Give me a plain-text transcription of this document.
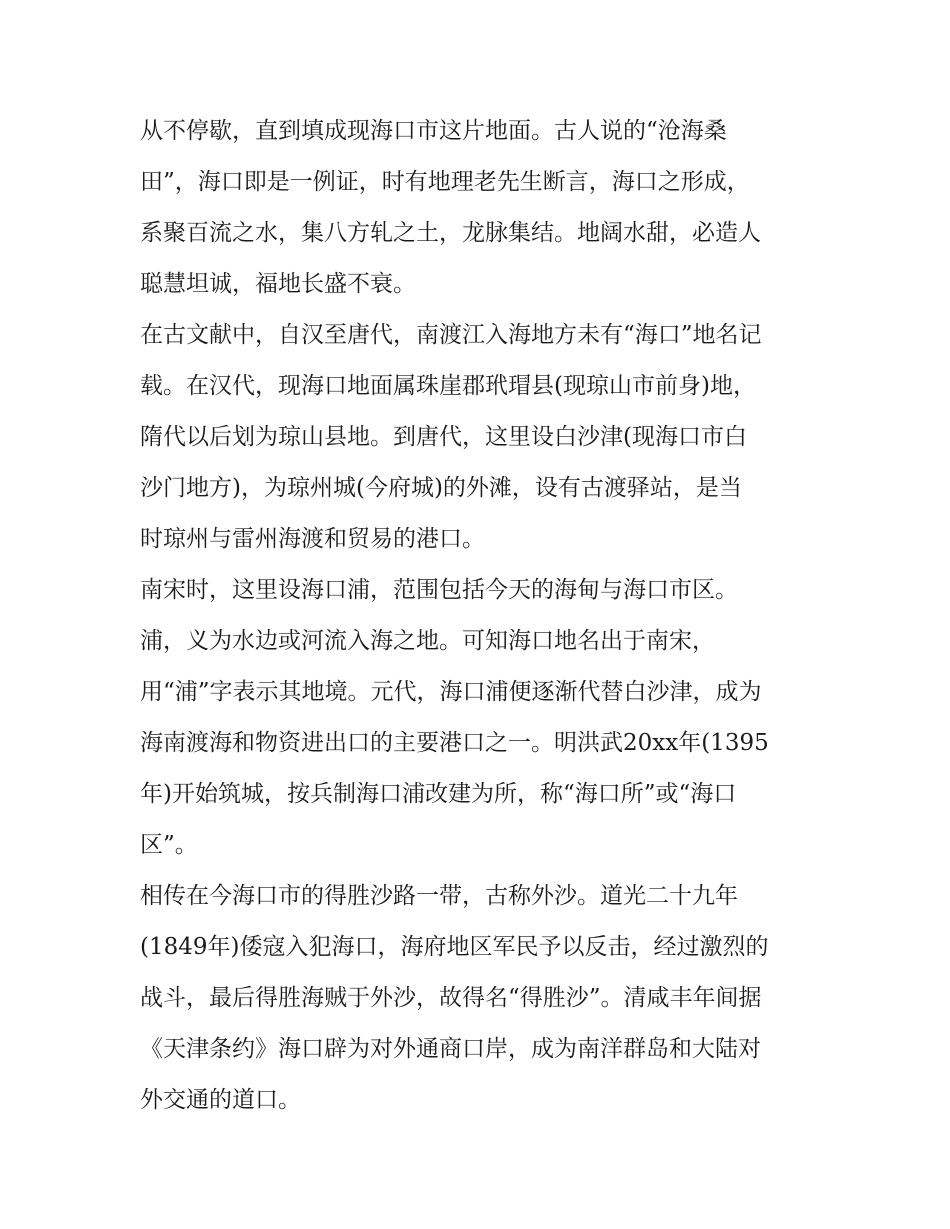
从不停歇，直到填成现海口市这片地面。古人说的“沧海桑
田”，海口即是一例证，时有地理老先生断言，海口之形成，
系聚百流之水，集八方轧之土，龙脉集结。地阔水甜，必造人
聪慧坦诚，福地长盛不衰。
在古文献中，自汉至唐代，南渡江入海地方未有“海口”地名记
载。在汉代，现海口地面属珠崖郡玳瑁县(现琼山市前身)地，
隋代以后划为琼山县地。到唐代，这里设白沙津(现海口市白
沙门地方)，为琼州城(今府城)的外滩，设有古渡驿站，是当
时琼州与雷州海渡和贸易的港口。
南宋时，这里设海口浦，范围包括今天的海甸与海口市区。
浦，义为水边或河流入海之地。可知海口地名出于南宋，
用“浦”字表示其地境。元代，海口浦便逐渐代替白沙津，成为
海南渡海和物资进出口的主要港口之一。明洪武20xx年(1395
年)开始筑城，按兵制海口浦改建为所，称“海口所”或“海口
区”。
相传在今海口市的得胜沙路一带，古称外沙。道光二十九年
(1849年)倭寇入犯海口，海府地区军民予以反击，经过激烈的
战斗，最后得胜海贼于外沙，故得名“得胜沙”。清咸丰年间据
《天津条约》海口辟为对外通商口岸，成为南洋群岛和大陆对
外交通的道口。
